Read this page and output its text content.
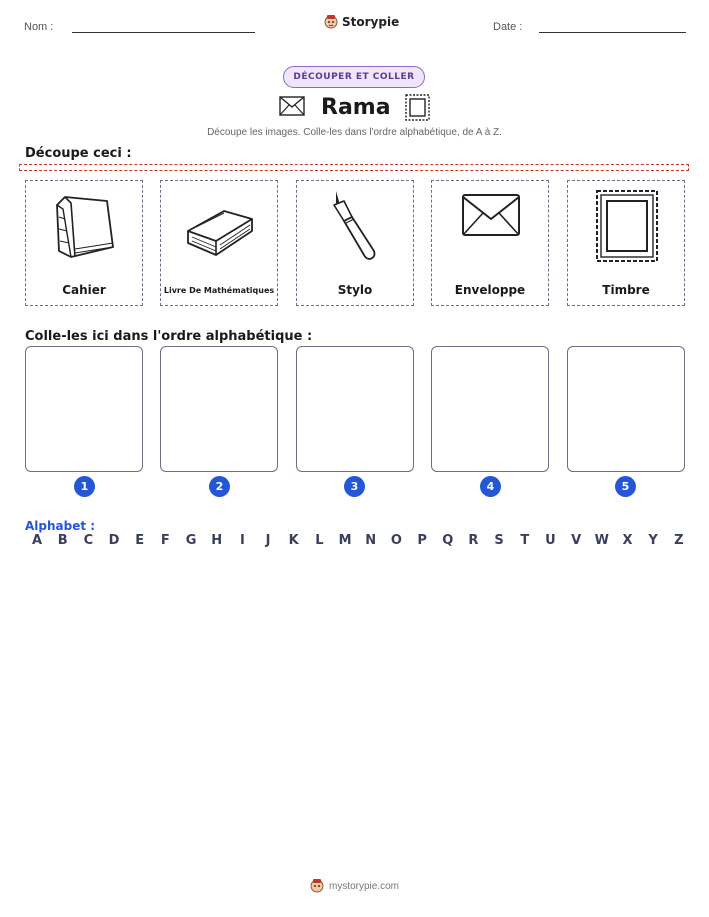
Nom :	Storypie	Date :
DÉCOUPER ET COLLER
Rama
Découpe les images. Colle-les dans l'ordre alphabétique, de A à Z.
Découpe ceci :
Cahier	Livre De Mathématiques	Stylo	Enveloppe	Timbre
Colle-les ici dans l'ordre alphabétique :
1	2	3	4	5
Alphabet :
A	B	C	D	E	F	G H	I	J	K	L	M N O	P	Q	R	S	T	U	V	W	X	Y	Z
mystorypie.com
